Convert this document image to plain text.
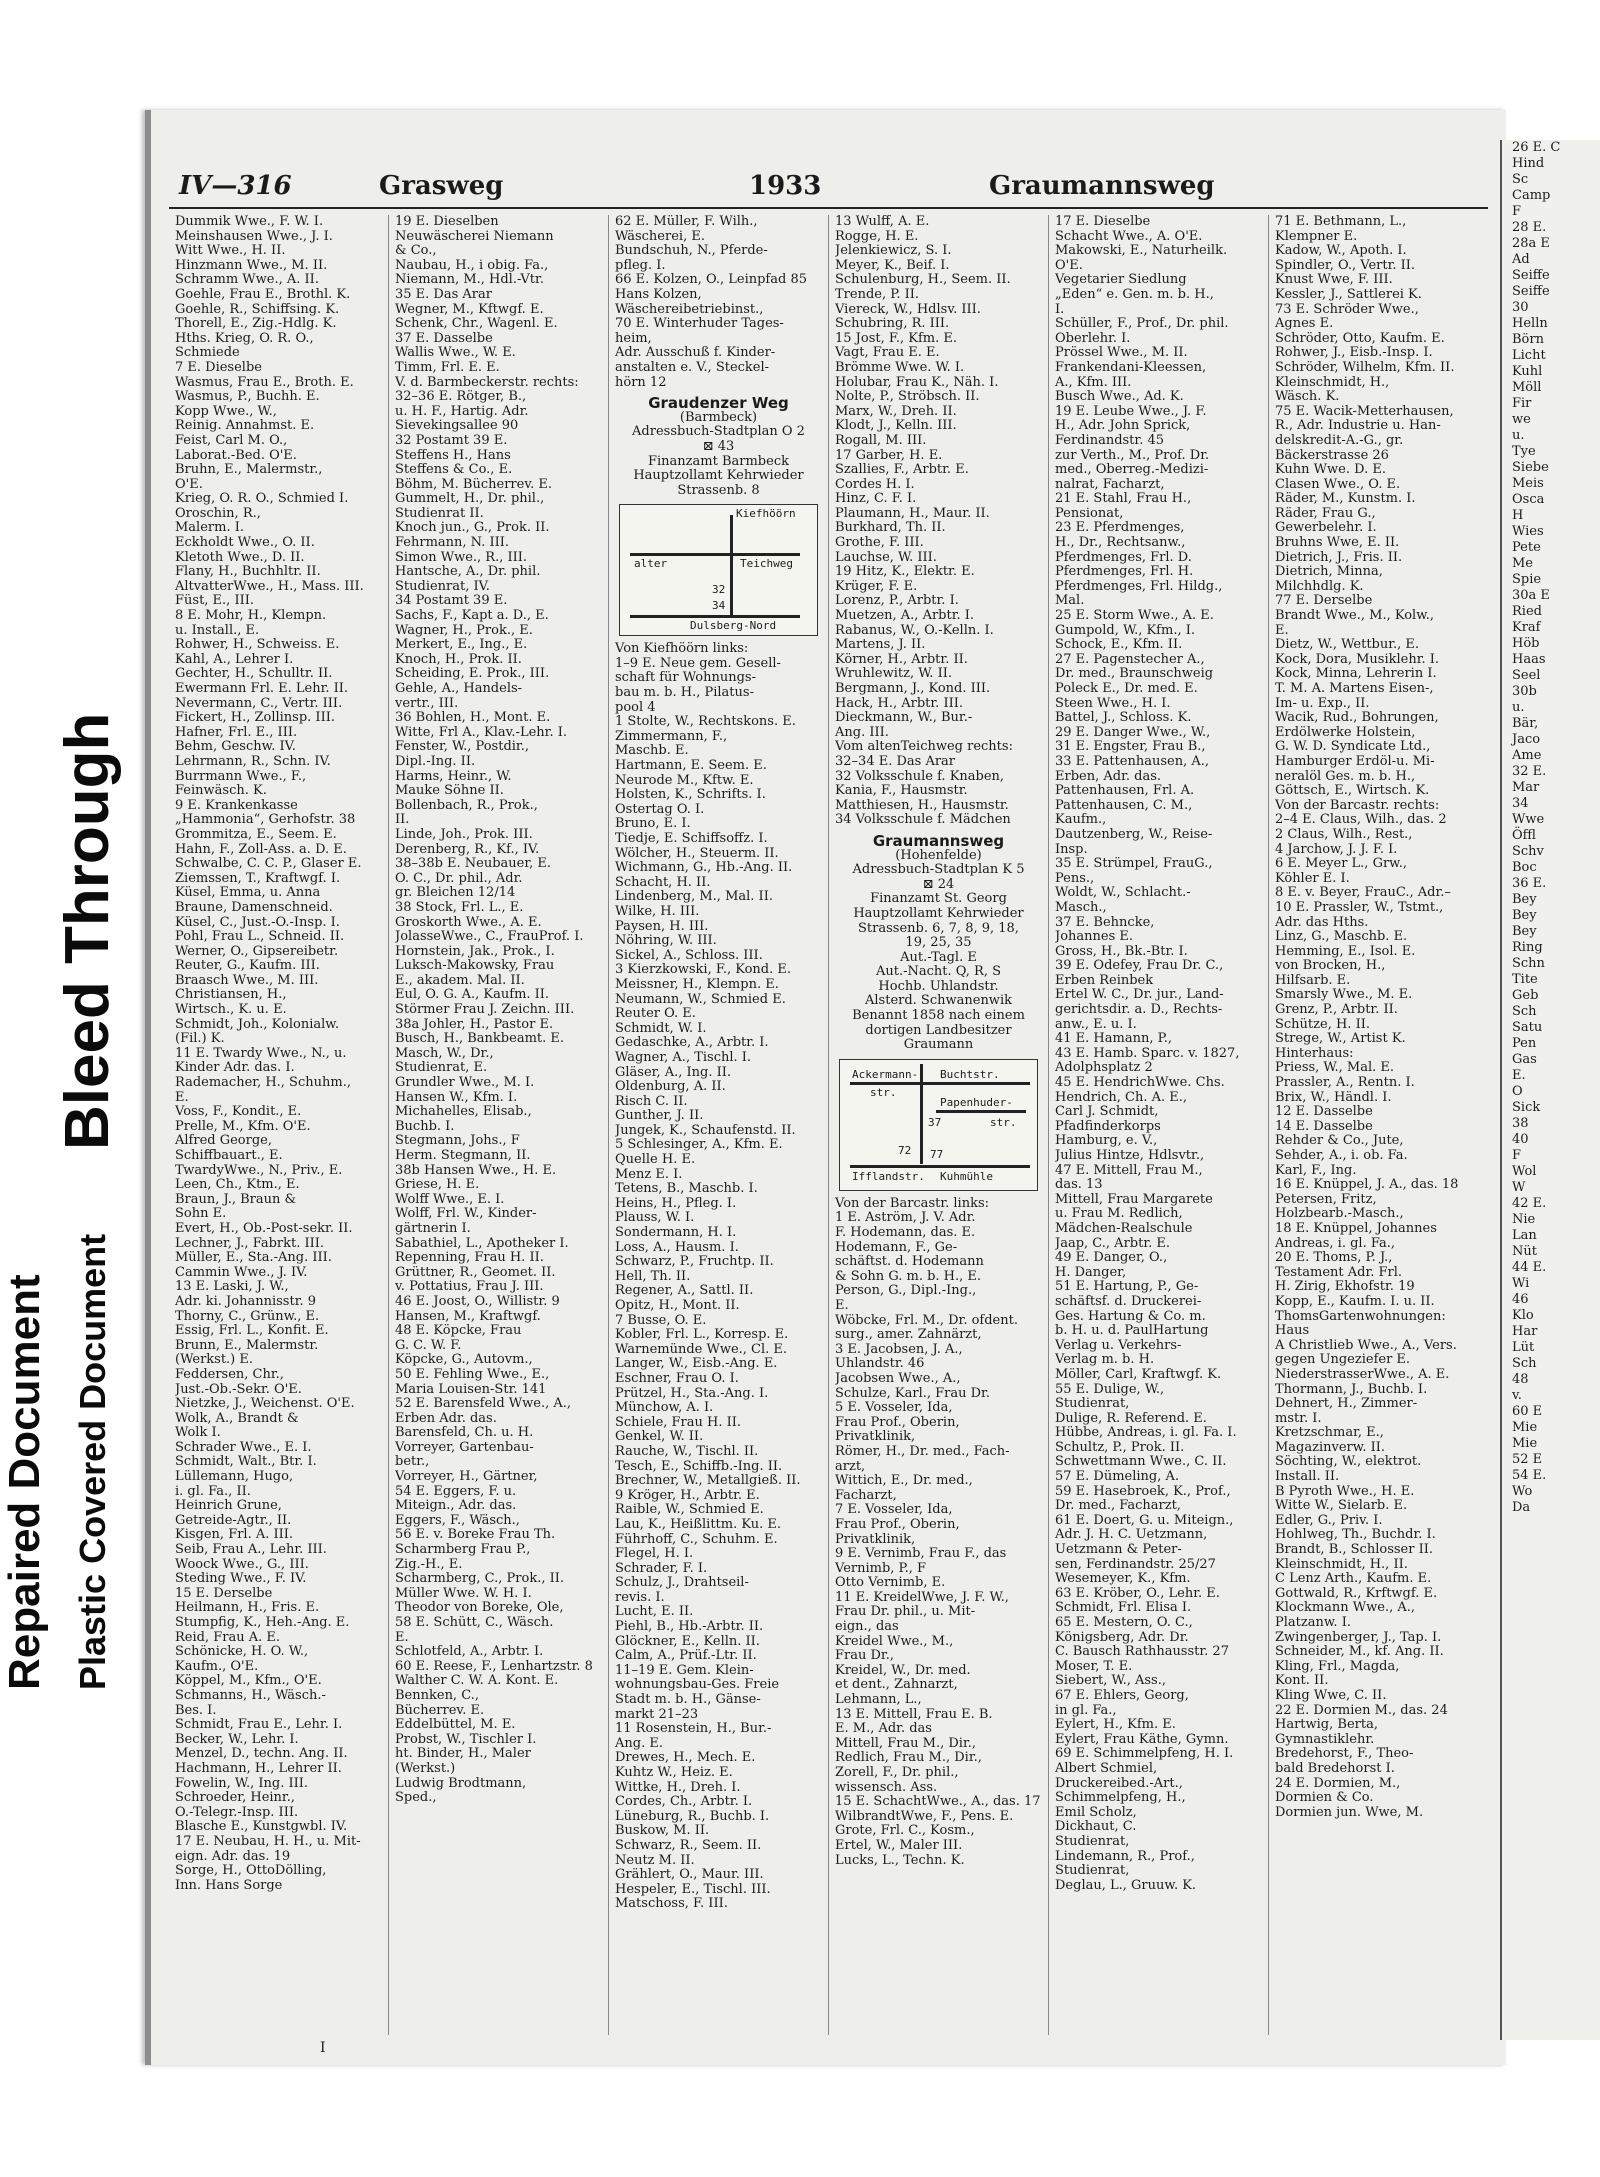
Repaired Document Plastic Covered Document
Bleed Through
IV—316	Grasweg	1933	Graumannsweg
Dummik Wwe., F. W. I.
Meinshausen Wwe., J. I.
Witt Wwe., H. II.
Hinzmann Wwe., M. II.
Schramm Wwe., A. II.
Goehle, Frau E., Brothl. K.
Goehle, R., Schiffsing. K.
Thorell, E., Zig.-Hdlg. K.
Hths. Krieg, O. R. O.,
Schmiede
7 E. Dieselbe
Wasmus, Frau E., Broth. E.
Wasmus, P., Buchh. E.
Kopp Wwe., W.,
Reinig. Annahmst. E.
Feist, Carl M. O.,
Laborat.-Bed. O'E.
Bruhn, E., Malermstr.,
O'E.
Krieg, O. R. O., Schmied I.
Oroschin, R.,
Malerm. I.
Eckholdt Wwe., O. II.
Kletoth Wwe., D. II.
Flany, H., Buchhltr. II.
AltvatterWwe., H., Mass. III.
Füst, E., III.
8 E. Mohr, H., Klempn.
u. Install., E.
Rohwer, H., Schweiss. E.
Kahl, A., Lehrer I.
Gechter, H., Schulltr. II.
Ewermann Frl. E. Lehr. II.
Nevermann, C., Vertr. III.
Fickert, H., Zollinsp. III.
Hafner, Frl. E., III.
Behm, Geschw. IV.
Lehrmann, R., Schn. IV.
Burrmann Wwe., F.,
Feinwäsch. K.
9 E. Krankenkasse
„Hammonia“, Gerhofstr. 38
Grommitza, E., Seem. E.
Hahn, F., Zoll-Ass. a. D. E.
Schwalbe, C. C. P., Glaser E.
Ziemssen, T., Kraftwgf. I.
Küsel, Emma, u. Anna
Braune, Damenschneid.
Küsel, C., Just.-O.-Insp. I.
Pohl, Frau L., Schneid. II.
Werner, O., Gipsereibetr.
Reuter, G., Kaufm. III.
Braasch Wwe., M. III.
Christiansen, H.,
Wirtsch., K. u. E.
Schmidt, Joh., Kolonialw.
(Fil.) K.
11 E. Twardy Wwe., N., u.
Kinder Adr. das. I.
Rademacher, H., Schuhm.,
E.
Voss, F., Kondit., E.
Prelle, M., Kfm. O'E.
Alfred George,
Schiffbauart., E.
TwardyWwe., N., Priv., E.
Leen, Ch., Ktm., E.
Braun, J., Braun &
Sohn E.
Evert, H., Ob.-Post-sekr. II.
Lechner, J., Fabrkt. III.
Müller, E., Sta.-Ang. III.
Cammin Wwe., J. IV.
13 E. Laski, J. W.,
Adr. ki. Johannisstr. 9
Thorny, C., Grünw., E.
Essig, Frl. L., Konfit. E.
Brunn, E., Malermstr.
(Werkst.) E.
Feddersen, Chr.,
Just.-Ob.-Sekr. O'E.
Nietzke, J., Weichenst. O'E.
Wolk, A., Brandt &
Wolk I.
Schrader Wwe., E. I.
Schmidt, Walt., Btr. I.
Lüllemann, Hugo,
i. gl. Fa., II.
Heinrich Grune,
Getreide-Agtr., II.
Kisgen, Frl. A. III.
Seib, Frau A., Lehr. III.
Woock Wwe., G., III.
Steding Wwe., F. IV.
15 E. Derselbe
Heilmann, H., Fris. E.
Stumpfig, K., Heh.-Ang. E.
Reid, Frau A. E.
Schönicke, H. O. W.,
Kaufm., O'E.
Köppel, M., Kfm., O'E.
Schmanns, H., Wäsch.-
Bes. I.
Schmidt, Frau E., Lehr. I.
Becker, W., Lehr. I.
Menzel, D., techn. Ang. II.
Hachmann, H., Lehrer II.
Fowelin, W., Ing. III.
Schroeder, Heinr.,
O.-Telegr.-Insp. III.
Blasche E., Kunstgwbl. IV.
17 E. Neubau, H. H., u. Mit-
eign. Adr. das. 19
Sorge, H., OttoDölling,
Inn. Hans Sorge
19 E. Dieselben
Neuwäscherei Niemann
& Co.,
Naubau, H., i obig. Fa.,
Niemann, M., Hdl.-Vtr.
35 E. Das Ärar
Wegner, M., Kftwgf. E.
Schenk, Chr., Wagenl. E.
37 E. Dasselbe
Wallis Wwe., W. E.
Timm, Frl. E. E.
V. d. Barmbeckerstr. rechts:
32–36 E. Rötger, B.,
u. H. F., Hartig. Adr.
Sievekingsallee 90
32 Postamt 39 E.
Steffens H., Hans
Steffens & Co., E.
Böhm, M. Bücherrev. E.
Gummelt, H., Dr. phil.,
Studienrat II.
Knoch jun., G., Prok. II.
Fehrmann, N. III.
Simon Wwe., R., III.
Hantsche, A., Dr. phil.
Studienrat, IV.
34 Postamt 39 E.
Sachs, F., Kapt a. D., E.
Wagner, H., Prok., E.
Merkert, E., Ing., E.
Knoch, H., Prok. II.
Scheiding, E. Prok., III.
Gehle, A., Handels-
vertr., III.
36 Bohlen, H., Mont. E.
Witte, Frl A., Klav.-Lehr. I.
Fenster, W., Postdir.,
Dipl.-Ing. II.
Harms, Heinr., W.
Mauke Söhne II.
Bollenbach, R., Prok.,
II.
Linde, Joh., Prok. III.
Derenberg, R., Kf., IV.
38–38b E. Neubauer, E.
O. C., Dr. phil., Adr.
gr. Bleichen 12/14
38 Stock, Frl. L., E.
Groskorth Wwe., A. E.
JolasseWwe., C., FrauProf. I.
Hornstein, Jak., Prok., I.
Luksch-Makowsky, Frau
E., akadem. Mal. II.
Eul, O. G. A., Kaufm. II.
Störmer Frau J. Zeichn. III.
38a Johler, H., Pastor E.
Busch, H., Bankbeamt. E.
Masch, W., Dr.,
Studienrat, E.
Grundler Wwe., M. I.
Hansen W., Kfm. I.
Michahelles, Elisab.,
Buchb. I.
Stegmann, Johs., F
Herm. Stegmann, II.
38b Hansen Wwe., H. E.
Griese, H. E.
Wolff Wwe., E. I.
Wolff, Frl. W., Kinder-
gärtnerin I.
Sabathiel, L., Apotheker I.
Repenning, Frau H. II.
Grüttner, R., Geomet. II.
v. Pottatius, Frau J. III.
46 E. Joost, O., Willistr. 9
Hansen, M., Kraftwgf.
48 E. Köpcke, Frau
G. C. W. F.
Köpcke, G., Autovm.,
50 E. Fehling Wwe., E.,
Maria Louisen-Str. 141
52 E. Barensfeld Wwe., A.,
Erben Adr. das.
Barensfeld, Ch. u. H.
Vorreyer, Gartenbau-
betr.,
Vorreyer, H., Gärtner,
54 E. Eggers, F. u.
Miteign., Adr. das.
Eggers, F., Wäsch.,
56 E. v. Boreke Frau Th.
Scharmberg Frau P.,
Zig.-H., E.
Scharmberg, C., Prok., II.
Müller Wwe. W. H. I.
Theodor von Boreke, Öle,
58 E. Schütt, C., Wäsch.
E.
Schlotfeld, A., Arbtr. I.
60 E. Reese, F., Lenhartzstr. 8
Walther C. W. A. Kont. E.
Bennken, C.,
Bücherrev. E.
Eddelbüttel, M. E.
Probst, W., Tischler I.
ht. Binder, H., Maler
(Werkst.)
Ludwig Brodtmann,
Sped.,
62 E. Müller, F. Wilh.,
Wäscherei, E.
Bundschuh, N., Pferde-
pfleg. I.
66 E. Kolzen, O., Leinpfad 85
Hans Kolzen,
Wäschereibetriebinst.,
70 E. Winterhuder Tages-
heim,
Adr. Ausschuß f. Kinder-
anstalten e. V., Steckel-
hörn 12
Graudenzer Weg
(Barmbeck)
Adressbuch-Stadtplan O 2
⊠ 43
Finanzamt Barmbeck
Hauptzollamt Kehrwieder
Strassenb. 8
Kiefhöörn
alter	Teichweg
32
34
Dulsberg-Nord
Von Kiefhöörn links:
1–9 E. Neue gem. Gesell-
schaft für Wohnungs-
bau m. b. H., Pilatus-
pool 4
1 Stolte, W., Rechtskons. E.
Zimmermann, F.,
Maschb. E.
Hartmann, E. Seem. E.
Neurode M., Kftw. E.
Holsten, K., Schrifts. I.
Ostertag O. I.
Bruno, E. I.
Tiedje, E. Schiffsoffz. I.
Wölcher, H., Steuerm. II.
Wichmann, G., Hb.-Ang. II.
Schacht, H. II.
Lindenberg, M., Mal. II.
Wilke, H. III.
Paysen, H. III.
Nöhring, W. III.
Sickel, A., Schloss. III.
3 Kierzkowski, F., Kond. E.
Meissner, H., Klempn. E.
Neumann, W., Schmied E.
Reuter O. E.
Schmidt, W. I.
Gedaschke, A., Arbtr. I.
Wagner, A., Tischl. I.
Gläser, A., Ing. II.
Oldenburg, A. II.
Risch C. II.
Gunther, J. II.
Jungek, K., Schaufenstd. II.
5 Schlesinger, A., Kfm. E.
Quelle H. E.
Menz E. I.
Tetens, B., Maschb. I.
Heins, H., Pfleg. I.
Plauss, W. I.
Sondermann, H. I.
Loss, A., Hausm. I.
Schwarz, P., Fruchtp. II.
Hell, Th. II.
Regener, A., Sattl. II.
Opitz, H., Mont. II.
7 Busse, O. E.
Kobler, Frl. L., Korresp. E.
Warnemünde Wwe., Cl. E.
Langer, W., Eisb.-Ang. E.
Eschner, Frau O. I.
Prützel, H., Sta.-Ang. I.
Münchow, A. I.
Schiele, Frau H. II.
Genkel, W. II.
Rauche, W., Tischl. II.
Tesch, E., Schiffb.-Ing. II.
Brechner, W., Metallgieß. II.
9 Kröger, H., Arbtr. E.
Raible, W., Schmied E.
Lau, K., Heißlittm. Ku. E.
Führhoff, C., Schuhm. E.
Flegel, H. I.
Schrader, F. I.
Schulz, J., Drahtseil-
revis. I.
Lucht, E. II.
Piehl, B., Hb.-Arbtr. II.
Glöckner, E., Kelln. II.
Calm, A., Prüf.-Ltr. II.
11–19 E. Gem. Klein-
wohnungsbau-Ges. Freie
Stadt m. b. H., Gänse-
markt 21–23
11 Rosenstein, H., Bur.-
Ang. E.
Drewes, H., Mech. E.
Kuhtz W., Heiz. E.
Wittke, H., Dreh. I.
Cordes, Ch., Arbtr. I.
Lüneburg, R., Buchb. I.
Buskow, M. II.
Schwarz, R., Seem. II.
Neutz M. II.
Grählert, O., Maur. III.
Hespeler, E., Tischl. III.
Matschoss, F. III.
13 Wulff, A. E.
Rogge, H. E.
Jelenkiewicz, S. I.
Meyer, K., Beif. I.
Schulenburg, H., Seem. II.
Trende, P. II.
Viereck, W., Hdlsv. III.
Schubring, R. III.
15 Jost, F., Kfm. E.
Vagt, Frau E. E.
Brömme Wwe. W. I.
Holubar, Frau K., Näh. I.
Nolte, P., Ströbsch. II.
Marx, W., Dreh. II.
Klodt, J., Kelln. III.
Rogall, M. III.
17 Garber, H. E.
Szallies, F., Arbtr. E.
Cordes H. I.
Hinz, C. F. I.
Plaumann, H., Maur. II.
Burkhard, Th. II.
Grothe, F. III.
Lauchse, W. III.
19 Hitz, K., Elektr. E.
Krüger, F. E.
Lorenz, P., Arbtr. I.
Muetzen, A., Arbtr. I.
Rabanus, W., O.-Kelln. I.
Martens, J. II.
Körner, H., Arbtr. II.
Wruhlewitz, W. II.
Bergmann, J., Kond. III.
Hack, H., Arbtr. III.
Dieckmann, W., Bur.-
Ang. III.
Vom altenTeichweg rechts:
32–34 E. Das Ärar
32 Volksschule f. Knaben,
Kania, F., Hausmstr.
Matthiesen, H., Hausmstr.
34 Volksschule f. Mädchen
Graumannsweg
(Hohenfelde)
Adressbuch-Stadtplan K 5
⊠ 24
Finanzamt St. Georg
Hauptzollamt Kehrwieder
Strassenb. 6, 7, 8, 9, 18,
19, 25, 35
Aut.-Tagl. E
Aut.-Nacht. Q, R, S
Hochb. Uhlandstr.
Alsterd. Schwanenwik
Benannt 1858 nach einem
dortigen Landbesitzer
Graumann
Ackermann-
str.
Buchtstr.
Papenhuder-
str.
72
37
77
Ifflandstr. Kuhmühle
Von der Barcastr. links:
1 E. Aström, J. V. Adr.
F. Hodemann, das. E.
Hodemann, F., Ge-
schäftst. d. Hodemann
& Sohn G. m. b. H., E.
Person, G., Dipl.-Ing.,
E.
Wöbcke, Frl. M., Dr. ofdent.
surg., amer. Zahnärzt,
3 E. Jacobsen, J. A.,
Uhlandstr. 46
Jacobsen Wwe., A.,
Schulze, Karl., Frau Dr.
5 E. Vosseler, Ida,
Frau Prof., Oberin,
Privatklinik,
Römer, H., Dr. med., Fach-
arzt,
Wittich, E., Dr. med.,
Facharzt,
7 E. Vosseler, Ida,
Frau Prof., Oberin,
Privatklinik,
9 E. Vernimb, Frau F., das
Vernimb, P., F
Otto Vernimb, E.
11 E. KreidelWwe, J. F. W.,
Frau Dr. phil., u. Mit-
eign., das
Kreidel Wwe., M.,
Frau Dr.,
Kreidel, W., Dr. med.
et dent., Zahnarzt,
Lehmann, L.,
13 E. Mittell, Frau E. B.
E. M., Adr. das
Mittell, Frau M., Dir.,
Redlich, Frau M., Dir.,
Zorell, F., Dr. phil.,
wissensch. Ass.
15 E. SchachtWwe., A., das. 17
WilbrandtWwe, F., Pens. E.
Grote, Frl. C., Kosm.,
Ertel, W., Maler III.
Lucks, L., Techn. K.
17 E. Dieselbe
Schacht Wwe., A. O'E.
Makowski, E., Naturheilk.
O'E.
Vegetarier Siedlung
„Eden“ e. Gen. m. b. H.,
I.
Schüller, F., Prof., Dr. phil.
Oberlehr. I.
Prössel Wwe., M. II.
Frankendani-Kleessen,
A., Kfm. III.
Busch Wwe., Ad. K.
19 E. Leube Wwe., J. F.
H., Adr. John Sprick,
Ferdinandstr. 45
zur Verth., M., Prof. Dr.
med., Oberreg.-Medizi-
nalrat, Facharzt,
21 E. Stahl, Frau H.,
Pensionat,
23 E. Pferdmenges,
H., Dr., Rechtsanw.,
Pferdmenges, Frl. D.
Pferdmenges, Frl. H.
Pferdmenges, Frl. Hildg.,
Mal.
25 E. Storm Wwe., A. E.
Gumpold, W., Kfm., I.
Schock, E., Kfm. II.
27 E. Pagenstecher A.,
Dr. med., Braunschweig
Poleck E., Dr. med. E.
Steen Wwe., H. I.
Battel, J., Schloss. K.
29 E. Danger Wwe., W.,
31 E. Engster, Frau B.,
33 E. Pattenhausen, A.,
Erben, Adr. das.
Pattenhausen, Frl. A.
Pattenhausen, C. M.,
Kaufm.,
Dautzenberg, W., Reise-
Insp.
35 E. Strümpel, FrauG.,
Pens.,
Woldt, W., Schlacht.-
Masch.,
37 E. Behncke,
Johannes E.
Gross, H., Bk.-Btr. I.
39 E. Odefey, Frau Dr. C.,
Erben Reinbek
Ertel W. C., Dr. jur., Land-
gerichtsdir. a. D., Rechts-
anw., E. u. I.
41 E. Hamann, P.,
43 E. Hamb. Sparc. v. 1827,
Adolphsplatz 2
45 E. HendrichWwe. Chs.
Hendrich, Ch. A. E.,
Carl J. Schmidt,
Pfadfinderkorps
Hamburg, e. V.,
Julius Hintze, Hdlsvtr.,
47 E. Mittell, Frau M.,
das. 13
Mittell, Frau Margarete
u. Frau M. Redlich,
Mädchen-Realschule
Jaap, C., Arbtr. E.
49 E. Danger, O.,
H. Danger,
51 E. Hartung, P., Ge-
schäftsf. d. Druckerei-
Ges. Hartung & Co. m.
b. H. u. d. PaulHartung
Verlag u. Verkehrs-
Verlag m. b. H.
Möller, Carl, Kraftwgf. K.
55 E. Dulige, W.,
Studienrat,
Dulige, R. Referend. E.
Hübbe, Andreas, i. gl. Fa. I.
Schultz, P., Prok. II.
Schwettmann Wwe., C. II.
57 E. Dümeling, A.
59 E. Hasebroek, K., Prof.,
Dr. med., Facharzt,
61 E. Doert, G. u. Miteign.,
Adr. J. H. C. Uetzmann,
Uetzmann & Peter-
sen, Ferdinandstr. 25/27
Wesemeyer, K., Kfm.
63 E. Kröber, O., Lehr. E.
Schmidt, Frl. Elisa I.
65 E. Mestern, O. C.,
Königsberg, Adr. Dr.
C. Bausch Rathhausstr. 27
Moser, T. E.
Siebert, W., Ass.,
67 E. Ehlers, Georg,
in gl. Fa.,
Eylert, H., Kfm. E.
Eylert, Frau Käthe, Gymn.
69 E. Schimmelpfeng, H. I.
Albert Schmiel,
Druckereibed.-Art.,
Schimmelpfeng, H.,
Emil Scholz,
Dickhaut, C.
Studienrat,
Lindemann, R., Prof.,
Studienrat,
Deglau, L., Gruuw. K.
71 E. Bethmann, L.,
Klempner E.
Kadow, W., Apoth. I.
Spindler, O., Vertr. II.
Knust Wwe, F. III.
Kessler, J., Sattlerei K.
73 E. Schröder Wwe.,
Agnes E.
Schröder, Otto, Kaufm. E.
Rohwer, J., Eisb.-Insp. I.
Schröder, Wilhelm, Kfm. II.
Kleinschmidt, H.,
Wäsch. K.
75 E. Wacik-Metterhausen,
R., Adr. Industrie u. Han-
delskredit-A.-G., gr.
Bäckerstrasse 26
Kuhn Wwe. D. E.
Clasen Wwe., O. E.
Räder, M., Kunstm. I.
Räder, Frau G.,
Gewerbelehr. I.
Bruhns Wwe, E. II.
Dietrich, J., Fris. II.
Dietrich, Minna,
Milchhdlg. K.
77 E. Derselbe
Brandt Wwe., M., Kolw.,
E.
Dietz, W., Wettbur., E.
Kock, Dora, Musiklehr. I.
Kock, Minna, Lehrerin I.
T. M. A. Martens Eisen-,
Im- u. Exp., II.
Wacik, Rud., Bohrungen,
Erdölwerke Holstein,
G. W. D. Syndicate Ltd.,
Hamburger Erdöl-u. Mi-
neralöl Ges. m. b. H.,
Göttsch, E., Wirtsch. K.
Von der Barcastr. rechts:
2–4 E. Claus, Wilh., das. 2
2 Claus, Wilh., Rest.,
4 Jarchow, J. J. F. I.
6 E. Meyer L., Grw.,
Köhler E. I.
8 E. v. Beyer, FrauC., Adr.–
10 E. Prassler, W., Tstmt.,
Adr. das Hths.
Linz, G., Maschb. E.
Hemming, E., Isol. E.
von Brocken, H.,
Hilfsarb. E.
Smarsly Wwe., M. E.
Grenz, P., Arbtr. II.
Schütze, H. II.
Strege, W., Artist K.
Hinterhaus:
Priess, W., Mal. E.
Prassler, A., Rentn. I.
Brix, W., Händl. I.
12 E. Dasselbe
14 E. Dasselbe
Rehder & Co., Jute,
Sehder, A., i. ob. Fa.
Karl, F., Ing.
16 E. Knüppel, J. A., das. 18
Petersen, Fritz,
Holzbearb.-Masch.,
18 E. Knüppel, Johannes
Andreas, i. gl. Fa.,
20 E. Thoms, P. J.,
Testament Adr. Frl.
H. Zirig, Ekhofstr. 19
Kopp, E., Kaufm. I. u. II.
ThomsGartenwohnungen:
Haus
A Christlieb Wwe., A., Vers.
gegen Ungeziefer E.
NiederstrasserWwe., A. E.
Thormann, J., Buchb. I.
Dehnert, H., Zimmer-
mstr. I.
Kretzschmar, E.,
Magazinverw. II.
Söchting, W., elektrot.
Install. II.
B Pyroth Wwe., H. E.
Witte W., Sielarb. E.
Edler, G., Priv. I.
Hohlweg, Th., Buchdr. I.
Brandt, B., Schlosser II.
Kleinschmidt, H., II.
C Lenz Arth., Kaufm. E.
Gottwald, R., Krftwgf. E.
Klockmann Wwe., A.,
Platzanw. I.
Zwingenberger, J., Tap. I.
Schneider, M., kf. Ang. II.
Kling, Frl., Magda,
Kont. II.
Kling Wwe, C. II.
22 E. Dormien M., das. 24
Hartwig, Berta,
Gymnastiklehr.
Bredehorst, F., Theo-
bald Bredehorst I.
24 E. Dormien, M.,
Dormien & Co.
Dormien jun. Wwe, M.
26 E. C
Hind
Sc
Camp
F
28 E.
28a E
Ad
Seiffe
Seiffe
30
Helln
Börn
Licht
Kuhl
Möll
Fir
we
u.
Tye
Siebe
Meis
Osca
H
Wies
Pete
Me
Spie
30a E
Ried
Kraf
Höb
Haas
Seel
30b
u.
Bär,
Jaco
Ame
32 E.
Mar
34
Wwe
Öffl
Schv
Boc
36 E.
Bey
Bey
Bey
Ring
Schn
Tite
Geb
Sch
Satu
Pen
Gas
E.
O
Sick
38
40
F
Wol
W
42 E.
Nie
Lan
Nüt
44 E.
Wi
46
Klo
Har
Lüt
Sch
48
v.
60 E
Mie
Mie
52 E
54 E.
Wo
Da
I
